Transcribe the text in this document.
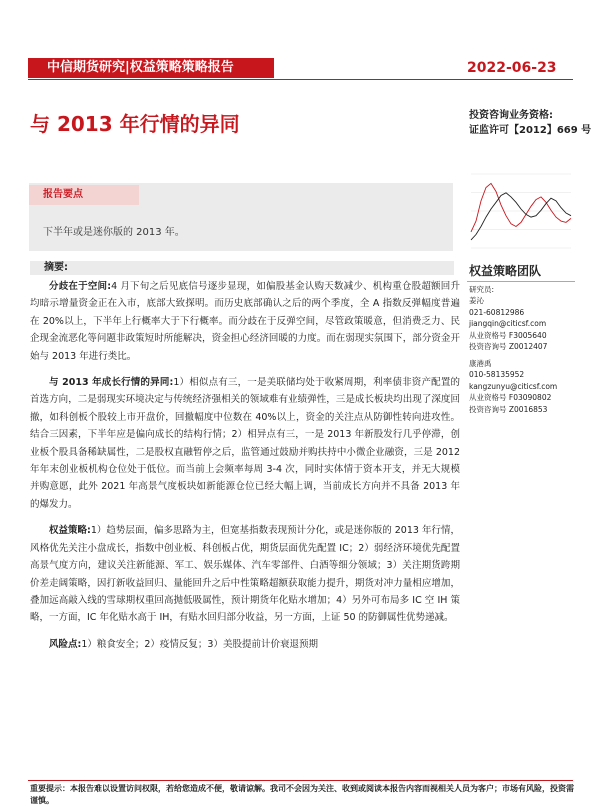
中信期货研究|权益策略策略报告	2022-06-23
与 2013 年行情的异同	投资咨询业务资格:
证监许可【2012】669 号
报告要点
下半年或是迷你版的 2013 年。
摘要:

分歧在于空间:4 月下旬之后见底信号逐步显现，如偏股基金认购天数减少、机构重仓股超额回升均暗示增量资金正在入市，底部大致探明。而历史底部确认之后的两个季度，全 A 指数反弹幅度普遍在 20%以上，下半年上行概率大于下行概率。而分歧在于反弹空间，尽管政策暖意，但消费乏力、民企现金流恶化等问题非政策短时所能解决，资金担心经济回暖的力度。而在弱现实氛围下，部分资金开始与 2013 年进行类比。

与 2013 年成长行情的异同:1）相似点有三，一是美联储均处于收紧周期，利率债非资产配置的首选方向，二是弱现实环境决定与传统经济强相关的领域难有业绩弹性，三是成长板块均出现了深度回撤，如科创板个股较上市开盘价，回撤幅度中位数在 40%以上，资金的关注点从防御性转向进攻性。结合三因素，下半年应是偏向成长的结构行情；2）相异点有三，一是 2013 年新股发行几乎停滞，创业板个股具备稀缺属性，二是股权直融暂停之后，监管通过鼓励并购扶持中小微企业融资，三是 2012 年年末创业板机构仓位处于低位。而当前上会频率每周 3-4 次，同时实体情于资本开支，并无大规模并购意愿，此外 2021 年高景气度板块如新能源仓位已经大幅上调，当前成长方向并不具备 2013 年的爆发力。

权益策略:1）趋势层面，偏多思路为主，但宽基指数表现预计分化，或是迷你版的 2013 年行情，风格优先关注小盘成长，指数中创业板、科创板占优，期货层面优先配置 IC；2）弱经济环境优先配置高景气度方向，建议关注新能源、军工、娱乐媒体、汽车零部件、白酒等细分领域；3）关注期货跨期价差走阔策略，因打新收益回归、量能回升之后中性策略超额获取能力提升，期货对冲力量相应增加，叠加远高敲入线的雪球期权重回高抛低吸属性，预计期货年化贴水增加；4）另外可布局多 IC 空 IH 策略，一方面，IC 年化贴水高于 IH，有贴水回归部分收益，另一方面，上证 50 的防御属性优势递减。

风险点:1）粮食安全；2）疫情反复；3）美股提前计价衰退预期

权益策略团队
研究员:
姜沁
021-60812986
jiangqin@citicsf.com
从业资格号 F3005640
投资咨询号 Z0012407
康港禹
010-58135952
kangzunyu@citicsf.com
从业资格号 F03090802
投资咨询号 Z0016853
重要提示：本报告难以设置访问权限，若给您造成不便，敬请谅解。我司不会因为关注、收到或阅读本报告内容而视相关人员为客户；市场有风险，投资需谨慎。
